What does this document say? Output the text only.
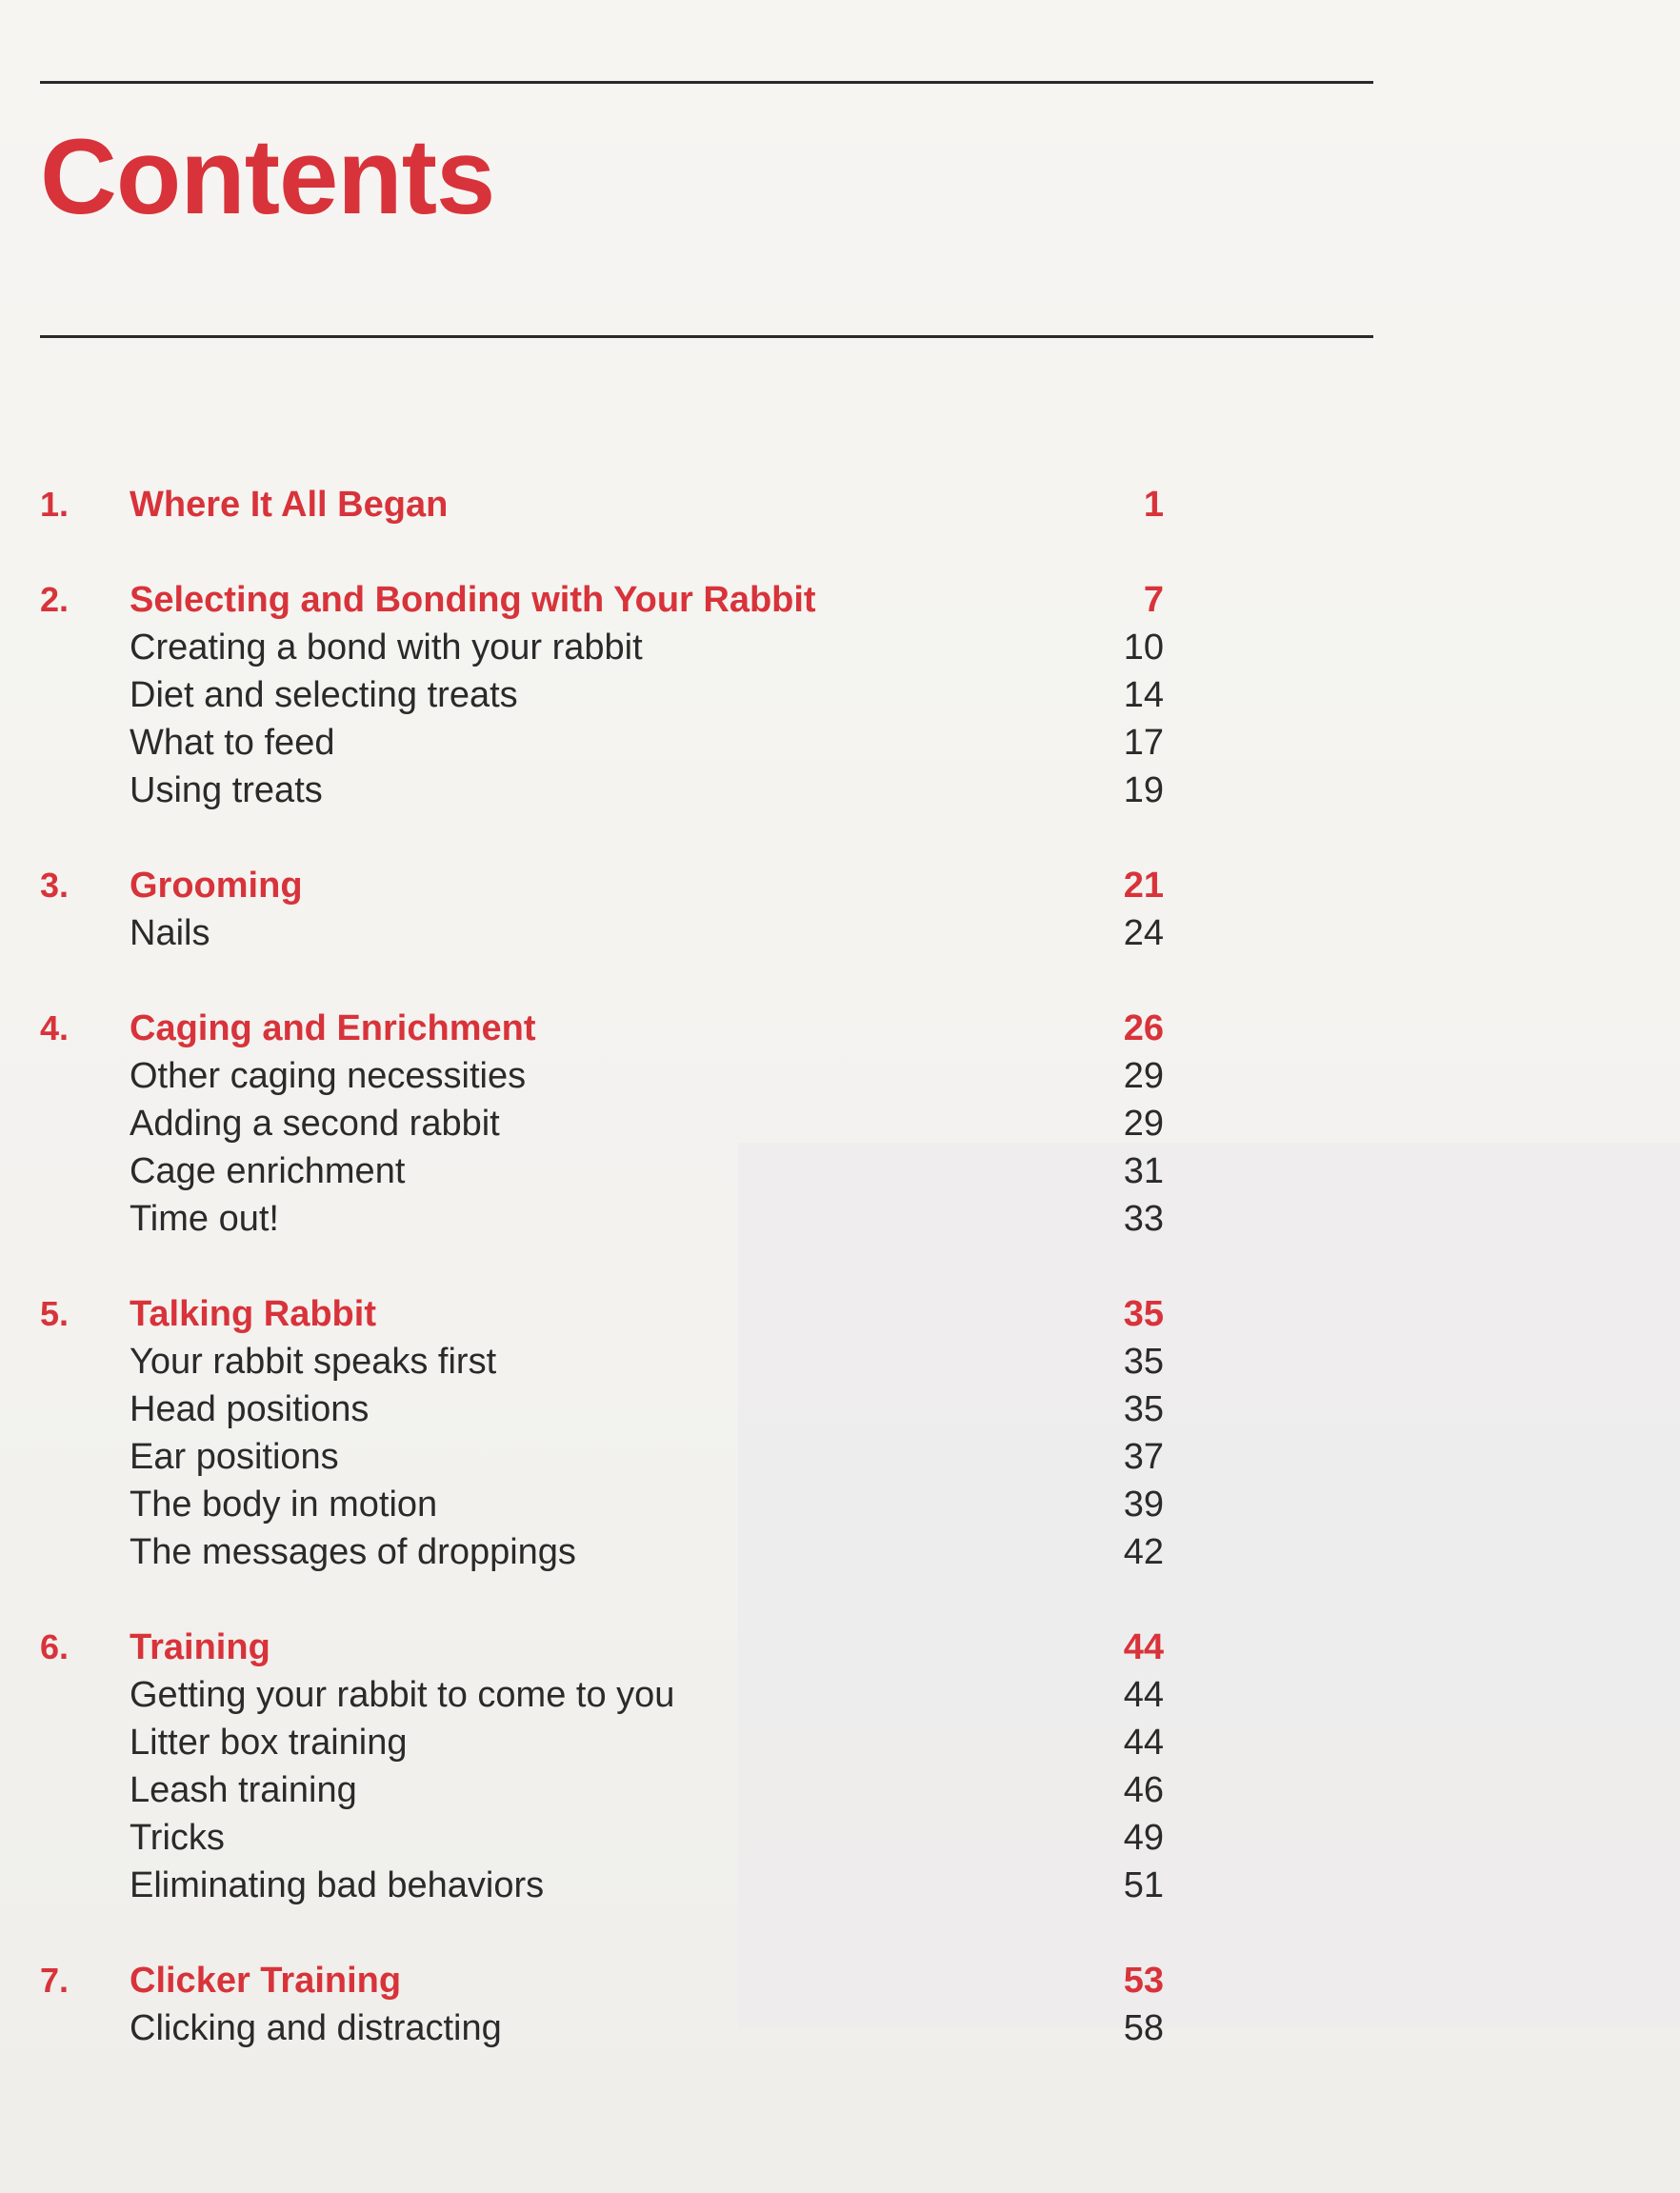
Contents
1.	Where It All Began	1
2.	Selecting and Bonding with Your Rabbit	7
Creating a bond with your rabbit	10
Diet and selecting treats	14
What to feed	17
Using treats	19
3.	Grooming	21
Nails	24
4.	Caging and Enrichment	26
Other caging necessities	29
Adding a second rabbit	29
Cage enrichment	31
Time out!	33
5.	Talking Rabbit	35
Your rabbit speaks first	35
Head positions	35
Ear positions	37
The body in motion	39
The messages of droppings	42
6.	Training	44
Getting your rabbit to come to you	44
Litter box training	44
Leash training	46
Tricks	49
Eliminating bad behaviors	51
7.	Clicker Training	53
Clicking and distracting	58
